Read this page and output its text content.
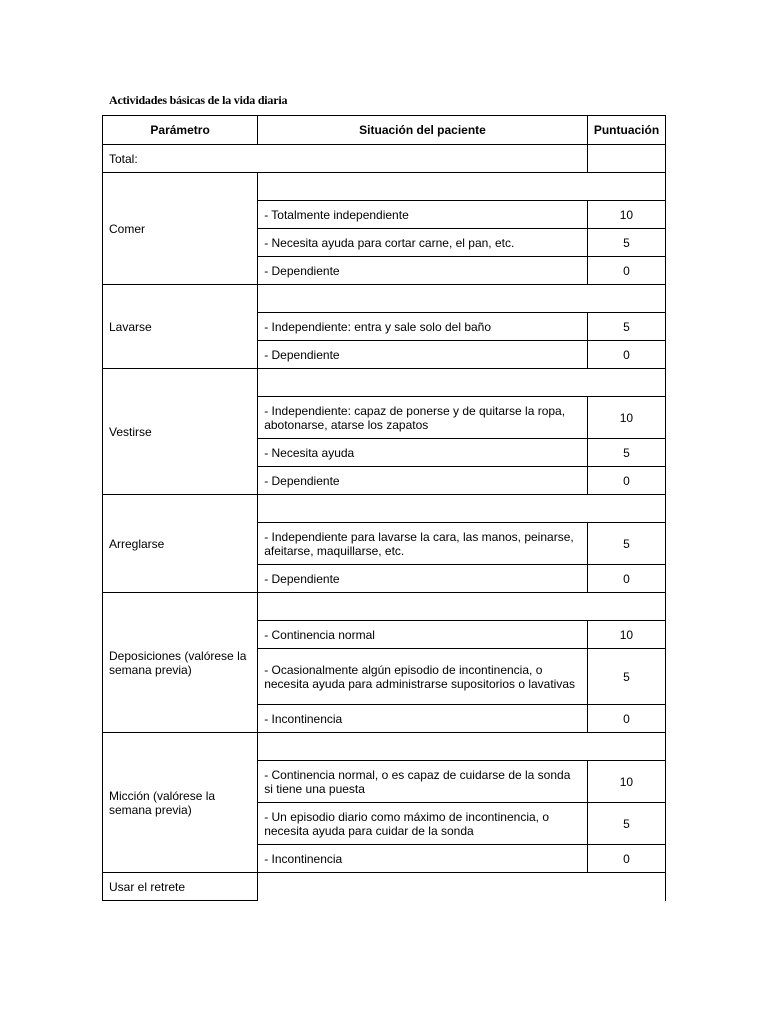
Actividades básicas de la vida diaria
Parámetro	Situación del paciente	Puntuación
Total:		
Comer		
	- Totalmente independiente	10
	- Necesita ayuda para cortar carne, el pan, etc.	5
	- Dependiente	0
Lavarse		
	- Independiente: entra y sale solo del baño	5
	- Dependiente	0
Vestirse		
	- Independiente: capaz de ponerse y de quitarse la ropa, abotonarse, atarse los zapatos	10
	- Necesita ayuda	5
	- Dependiente	0
Arreglarse		
	- Independiente para lavarse la cara, las manos, peinarse, afeitarse, maquillarse, etc.	5
	- Dependiente	0
Deposiciones (valórese la semana previa)		
	- Continencia normal	10
	- Ocasionalmente algún episodio de incontinencia, o necesita ayuda para administrarse supositorios o lavativas	5
	- Incontinencia	0
Micción (valórese la semana previa)		
	- Continencia normal, o es capaz de cuidarse de la sonda si tiene una puesta	10
	- Un episodio diario como máximo de incontinencia, o necesita ayuda para cuidar de la sonda	5
	- Incontinencia	0
Usar el retrete		
